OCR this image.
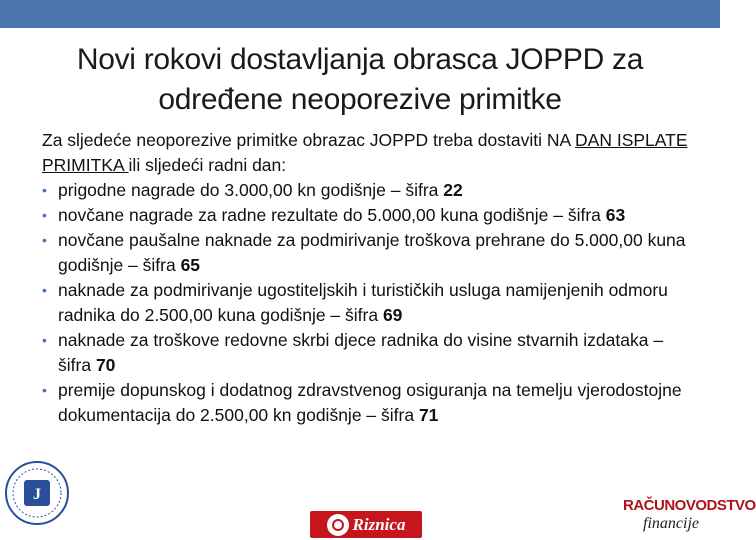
Novi rokovi dostavljanja obrasca JOPPD za
određene neoporezive primitke

Za sljedeće neoporezive primitke obrazac JOPPD treba dostaviti NA DAN ISPLATE PRIMITKA ili sljedeći radni dan:

• prigodne nagrade do 3.000,00 kn godišnje – šifra 22
• novčane nagrade za radne rezultate do 5.000,00 kuna godišnje – šifra 63
• novčane paušalne naknade za podmirivanje troškova prehrane do 5.000,00 kuna godišnje – šifra 65
• naknade za podmirivanje ugostiteljskih i turističkih usluga namijenjenih odmoru radnika do 2.500,00 kuna godišnje – šifra 69
• naknade za troškove redovne skrbi djece radnika do visine stvarnih izdataka – šifra 70
• premije dopunskog i dodatnog zdravstvenog osiguranja na temelju vjerodostojne dokumentacija do 2.500,00 kn godišnje – šifra 71
J
Riznica
RAČUNOVODSTVO
financije
